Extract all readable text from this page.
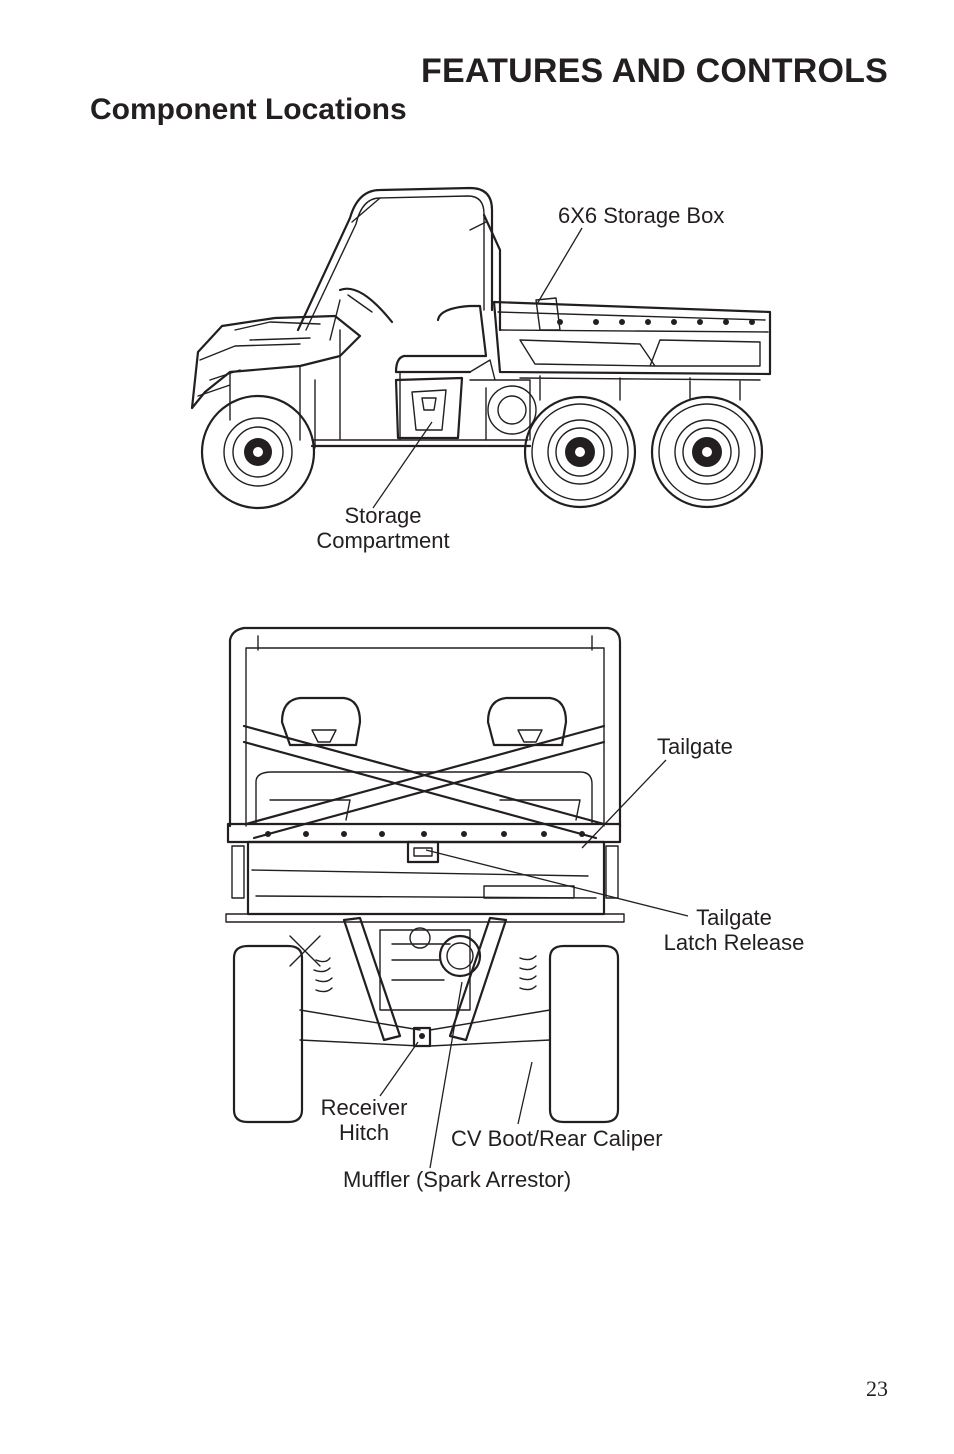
FEATURES AND CONTROLS
Component Locations
6X6 Storage Box
Storage
Compartment
Tailgate
Tailgate
Latch Release
Receiver
Hitch	CV Boot/Rear Caliper
Muffler (Spark Arrestor)
23
